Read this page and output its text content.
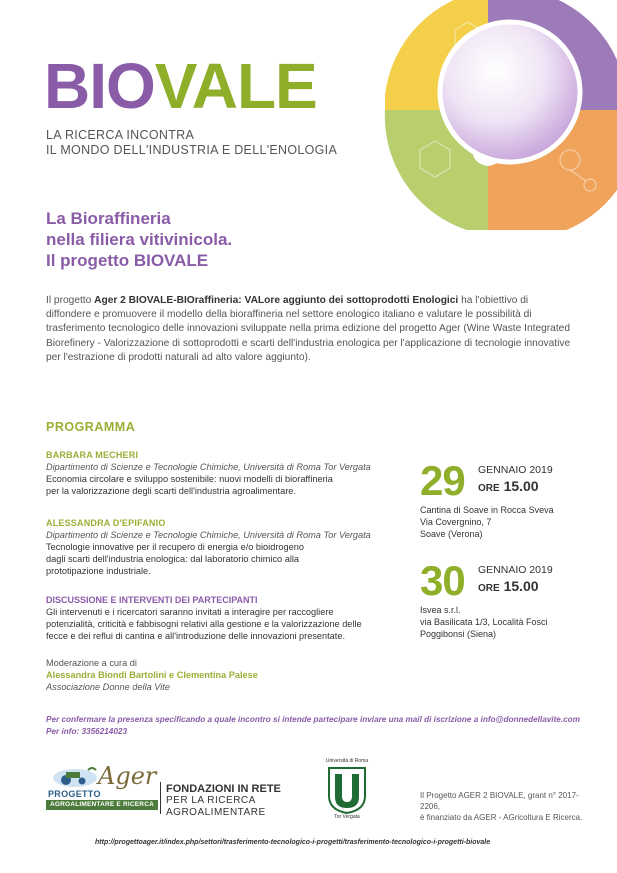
BIOVALE
LA RICERCA INCONTRA
IL MONDO DELL'INDUSTRIA E DELL'ENOLOGIA
La Bioraffineria
nella filiera vitivinicola.
Il progetto BIOVALE
Il progetto Ager 2 BIOVALE-BIOraffineria: VALore aggiunto dei sottoprodotti Enologici ha l'obiettivo di diffondere e promuovere il modello della bioraffineria nel settore enologico italiano e valutare le possibilità di trasferimento tecnologico delle innovazioni sviluppate nella prima edizione del progetto Ager (Wine Waste Integrated Biorefinery - Valorizzazione di sottoprodotti e scarti dell'industria enologica per l'applicazione di tecnologie innovative per l'estrazione di prodotti naturali ad alto valore aggiunto).
PROGRAMMA
BARBARA MECHERI
Dipartimento di Scienze e Tecnologie Chimiche, Università di Roma Tor Vergata
Economia circolare e sviluppo sostenibile: nuovi modelli di bioraffineria
per la valorizzazione degli scarti dell'industria agroalimentare.
ALESSANDRA D'EPIFANIO
Dipartimento di Scienze e Tecnologie Chimiche, Università di Roma Tor Vergata
Tecnologie innovative per il recupero di energia e/o bioidrogeno
dagli scarti dell'industria enologica: dal laboratorio chimico alla
prototipazione industriale.
DISCUSSIONE E INTERVENTI DEI PARTECIPANTI
Gli intervenuti e i ricercatori saranno invitati a interagire per raccogliere
potenzialità, criticità e fabbisogni relativi alla gestione e la valorizzazione delle
fecce e dei reflui di cantina e all'introduzione delle innovazioni presentate.
Moderazione a cura di
Alessandra Biondi Bartolini e Clementina Palese
Associazione Donne della Vite
29 GENNAIO 2019
ORE 15.00
Cantina di Soave in Rocca Sveva
Via Covergnino, 7
Soave (Verona)
30 GENNAIO 2019
ORE 15.00
Isvea s.r.l.
via Basilicata 1/3, Località Fosci
Poggibonsi (Siena)
Per confermare la presenza specificando a quale incontro si intende partecipare inviare una mail di iscrizione a info@donnedellavite.com
Per info: 3356214023
Ager
PROGETTO
AGROALIMENTARE E RICERCA
FONDAZIONI IN RETE
PER LA RICERCA
AGROALIMENTARE
Università di Roma
Tor Vergata
Il Progetto AGER 2 BIOVALE, grant n° 2017-2206,
è finanziato da AGER - AGricoltura E Ricerca.
http://progettoager.it/index.php/settori/trasferimento-tecnologico-i-progetti/trasferimento-tecnologico-i-progetti-biovale
